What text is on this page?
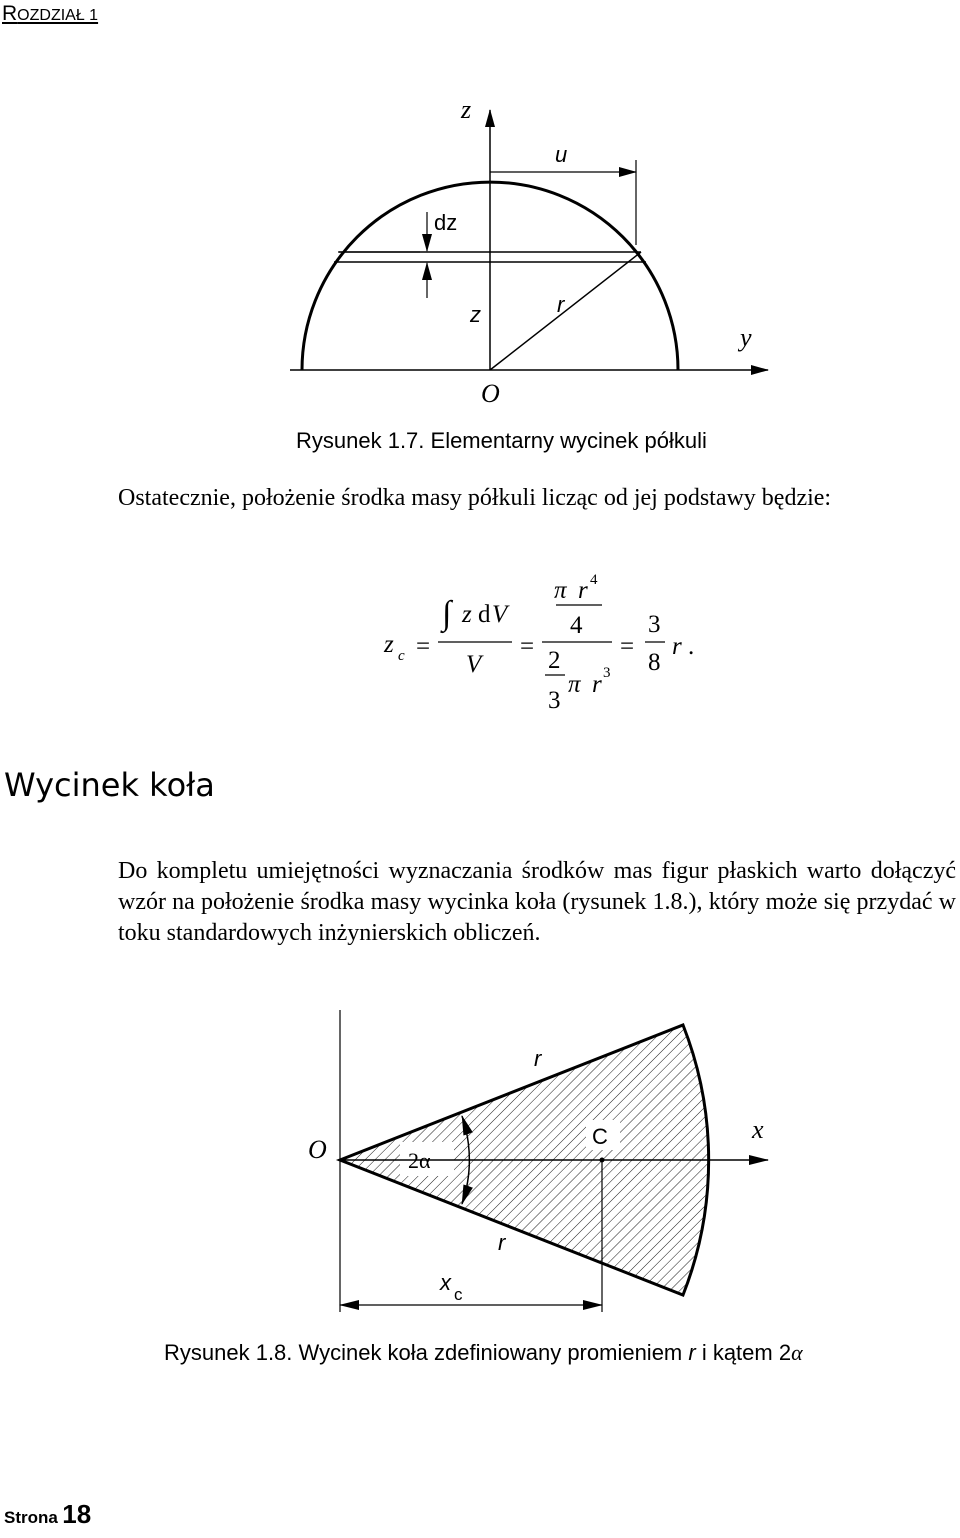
ROZDZIAŁ 1
z
u
dz
z	r
y
O
Rysunek 1.7. Elementarny wycinek półkuli
Ostatecznie, położenie środka masy półkuli licząc od jej podstawy będzie:
z c =
∫ z d V
V
=
π r 4
4
2
3
π r 3
=
3
8
r .
Wycinek koła
Do kompletu umiejętności wyznaczania środków mas figur płaskich warto dołączyć wzór na położenie środka masy wycinka koła (rysunek 1.8.), który może się przydać w toku standardowych inżynierskich obliczeń.
r
O	2α
C	x
r
x c
Rysunek 1.8. Wycinek koła zdefiniowany promieniem r i kątem 2α
Strona 18
